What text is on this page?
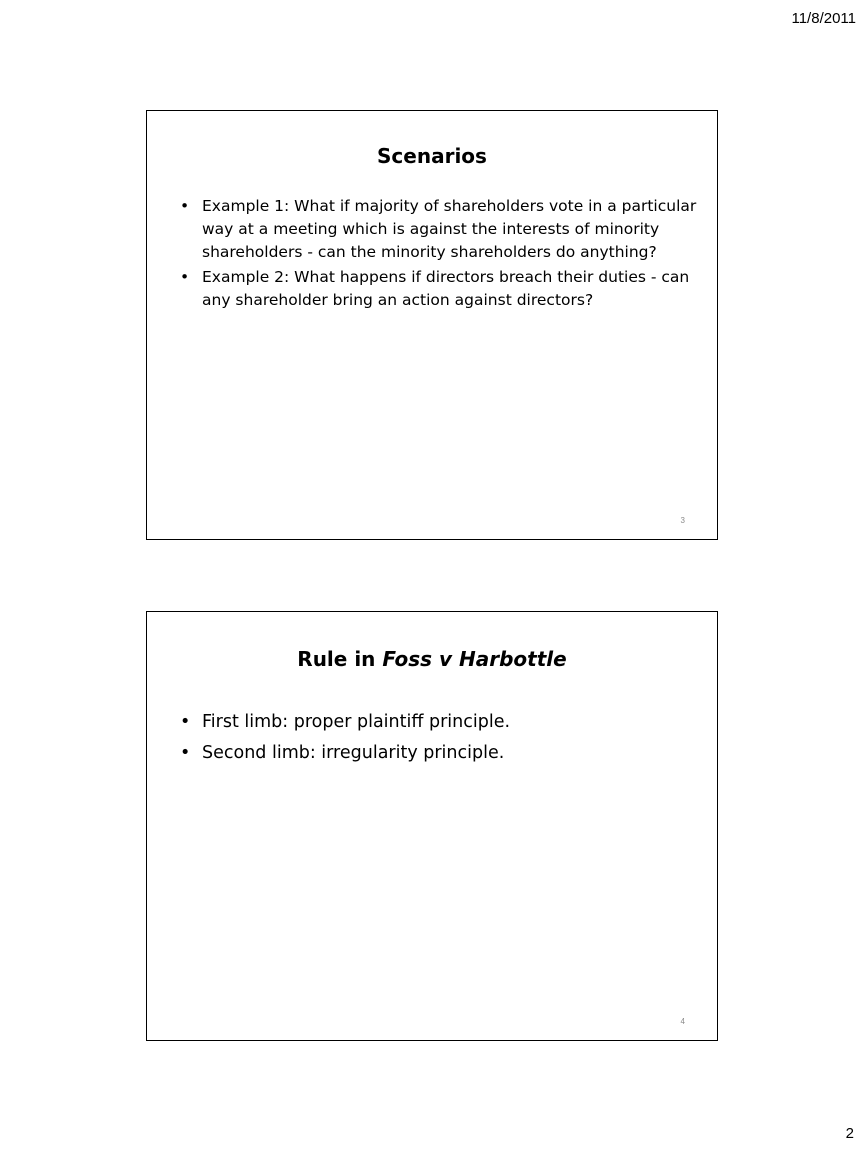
11/8/2011
Scenarios
• Example 1: What if majority of shareholders vote in a particular way at a meeting which is against the interests of minority shareholders - can the minority shareholders do anything?
• Example 2: What happens if directors breach their duties - can any shareholder bring an action against directors?
3
Rule in Foss v Harbottle
• First limb: proper plaintiff principle.
• Second limb: irregularity principle.
4
2
